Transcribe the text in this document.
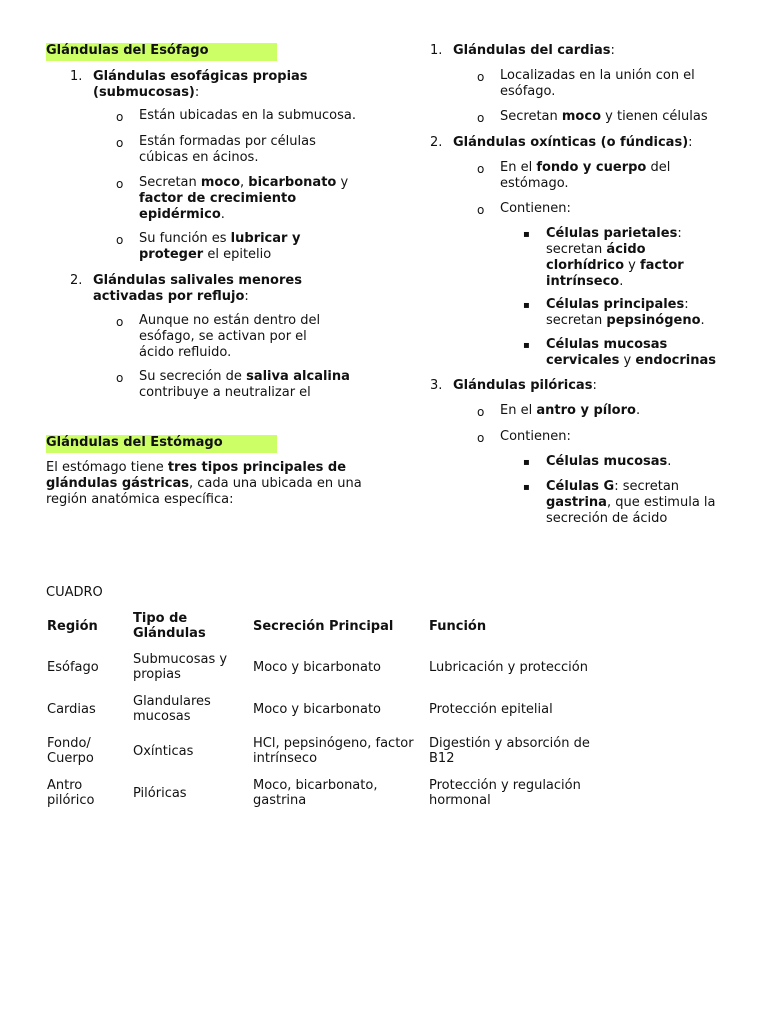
Glándulas del Esófago
1. Glándulas esofágicas propias (submucosas):
o Están ubicadas en la submucosa.
o Están formadas por células cúbicas en ácinos.
o Secretan moco, bicarbonato y factor de crecimiento epidérmico.
o Su función es lubricar y proteger el epitelio
2. Glándulas salivales menores activadas por reflujo:
o Aunque no están dentro del esófago, se activan por el ácido refluido.
o Su secreción de saliva alcalina contribuye a neutralizar el
Glándulas del Estómago
El estómago tiene tres tipos principales de glándulas gástricas, cada una ubicada en una región anatómica específica:
1. Glándulas del cardias:
o Localizadas en la unión con el esófago.
o Secretan moco y tienen células
2. Glándulas oxínticas (o fúndicas):
o En el fondo y cuerpo del estómago.
o Contienen:
▪ Células parietales: secretan ácido clorhídrico y factor intrínseco.
▪ Células principales: secretan pepsinógeno.
▪ Células mucosas cervicales y endocrinas
3. Glándulas pilóricas:
o En el antro y píloro.
o Contienen:
▪ Células mucosas.
▪ Células G: secretan gastrina, que estimula la secreción de ácido
CUADRO
Región	Tipo de Glándulas	Secreción Principal	Función
Esófago	Submucosas y propias	Moco y bicarbonato	Lubricación y protección
Cardias	Glandulares mucosas	Moco y bicarbonato	Protección epitelial
Fondo/ Cuerpo	Oxínticas	HCl, pepsinógeno, factor intrínseco	Digestión y absorción de B12
Antro pilórico	Pilóricas	Moco, bicarbonato, gastrina	Protección y regulación hormonal
